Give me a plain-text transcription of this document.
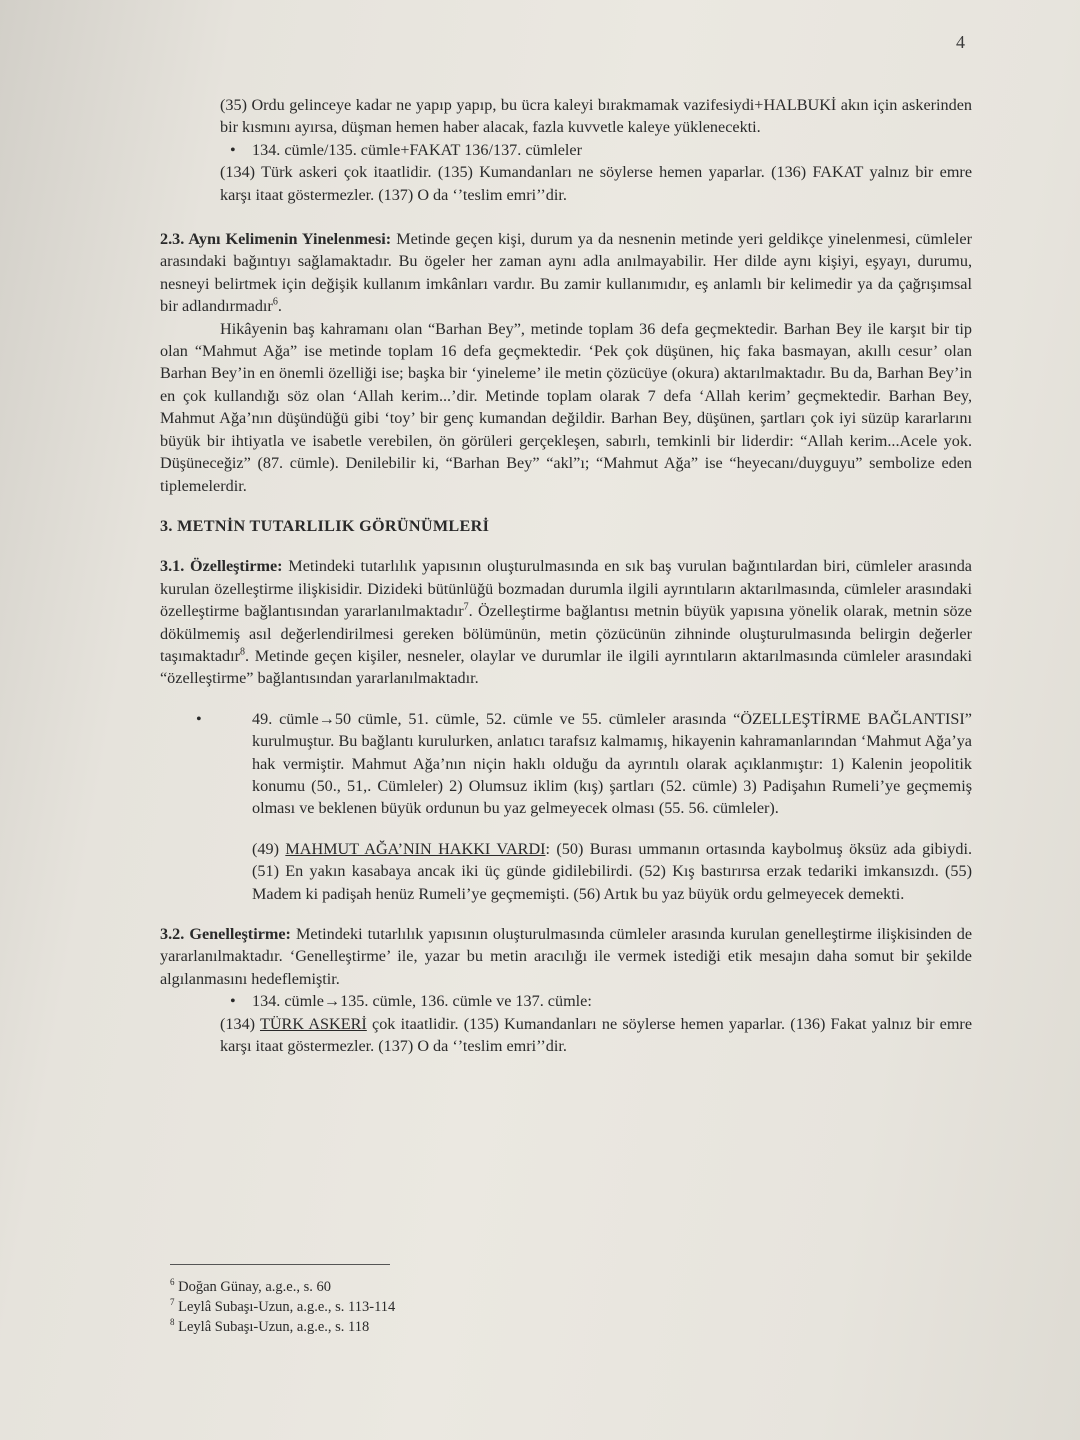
4

(35) Ordu gelinceye kadar ne yapıp yapıp, bu ücra kaleyi bırakmamak vazifesiydi+HALBUKİ akın için askerinden bir kısmını ayırsa, düşman hemen haber alacak, fazla kuvvetle kaleye yüklenecekti.

•	134. cümle/135. cümle+FAKAT 136/137. cümleler

(134) Türk askeri çok itaatlidir. (135) Kumandanları ne söylerse hemen yaparlar. (136) FAKAT yalnız bir emre karşı itaat göstermezler. (137) O da ‘’teslim emri’’dir.

2.3. Aynı Kelimenin Yinelenmesi: Metinde geçen kişi, durum ya da nesnenin metinde yeri geldikçe yinelenmesi, cümleler arasındaki bağıntıyı sağlamaktadır. Bu ögeler her zaman aynı adla anılmayabilir. Her dilde aynı kişiyi, eşyayı, durumu, nesneyi belirtmek için değişik kullanım imkânları vardır. Bu zamir kullanımıdır, eş anlamlı bir kelimedir ya da çağrışımsal bir adlandırmadır$^6$.

Hikâyenin baş kahramanı olan “Barhan Bey”, metinde toplam 36 defa geçmektedir. Barhan Bey ile karşıt bir tip olan “Mahmut Ağa” ise metinde toplam 16 defa geçmektedir. ‘Pek çok düşünen, hiç faka basmayan, akıllı cesur’ olan Barhan Bey’in en önemli özelliği ise; başka bir ‘yineleme’ ile metin çözücüye (okura) aktarılmaktadır. Bu da, Barhan Bey’in en çok kullandığı söz olan ‘Allah kerim...’dir. Metinde toplam olarak 7 defa ‘Allah kerim’ geçmektedir. Barhan Bey, Mahmut Ağa’nın düşündüğü gibi ‘toy’ bir genç kumandan değildir. Barhan Bey, düşünen, şartları çok iyi süzüp kararlarını büyük bir ihtiyatla ve isabetle verebilen, ön görüleri gerçekleşen, sabırlı, temkinli bir liderdir: “Allah kerim...Acele yok. Düşüneceğiz” (87. cümle). Denilebilir ki, “Barhan Bey” “akl”ı; “Mahmut Ağa” ise “heyecanı/duyguyu” sembolize eden tiplemelerdir.

3. METNİN TUTARLILIK GÖRÜNÜMLERİ

3.1. Özelleştirme: Metindeki tutarlılık yapısının oluşturulmasında en sık baş vurulan bağıntılardan biri, cümleler arasında kurulan özelleştirme ilişkisidir. Dizideki bütünlüğü bozmadan durumla ilgili ayrıntıların aktarılmasında, cümleler arasındaki özelleştirme bağlantısından yararlanılmaktadır$^7$. Özelleştirme bağlantısı metnin büyük yapısına yönelik olarak, metnin söze dökülmemiş asıl değerlendirilmesi gereken bölümünün, metin çözücünün zihninde oluşturulmasında belirgin değerler taşımaktadır$^8$. Metinde geçen kişiler, nesneler, olaylar ve durumlar ile ilgili ayrıntıların aktarılmasında cümleler arasındaki “özelleştirme” bağlantısından yararlanılmaktadır.

•	49. cümle→50 cümle, 51. cümle, 52. cümle ve 55. cümleler arasında “ÖZELLEŞTİRME BAĞLANTISI” kurulmuştur. Bu bağlantı kurulurken, anlatıcı tarafsız kalmamış, hikayenin kahramanlarından ‘Mahmut Ağa’ya hak vermiştir. Mahmut Ağa’nın niçin haklı olduğu da ayrıntılı olarak açıklanmıştır: 1) Kalenin jeopolitik konumu (50., 51,. Cümleler) 2) Olumsuz iklim (kış) şartları (52. cümle) 3) Padişahın Rumeli’ye geçmemiş olması ve beklenen büyük ordunun bu yaz gelmeyecek olması (55. 56. cümleler).

(49) MAHMUT AĞA’NIN HAKKI VARDI: (50) Burası ummanın ortasında kaybolmuş öksüz ada gibiydi. (51) En yakın kasabaya ancak iki üç günde gidilebilirdi. (52) Kış bastırırsa erzak tedariki imkansızdı. (55) Madem ki padişah henüz Rumeli’ye geçmemişti. (56) Artık bu yaz büyük ordu gelmeyecek demekti.

3.2. Genelleştirme: Metindeki tutarlılık yapısının oluşturulmasında cümleler arasında kurulan genelleştirme ilişkisinden de yararlanılmaktadır. ‘Genelleştirme’ ile, yazar bu metin aracılığı ile vermek istediği etik mesajın daha somut bir şekilde algılanmasını hedeflemiştir.

•	134. cümle→135. cümle, 136. cümle ve 137. cümle:

(134) TÜRK ASKERİ çok itaatlidir. (135) Kumandanları ne söylerse hemen yaparlar. (136) Fakat yalnız bir emre karşı itaat göstermezler. (137) O da ‘’teslim emri’’dir.

$^6$ Doğan Günay, a.g.e., s. 60
$^7$ Leylâ Subaşı-Uzun, a.g.e., s. 113-114
$^8$ Leylâ Subaşı-Uzun, a.g.e., s. 118
